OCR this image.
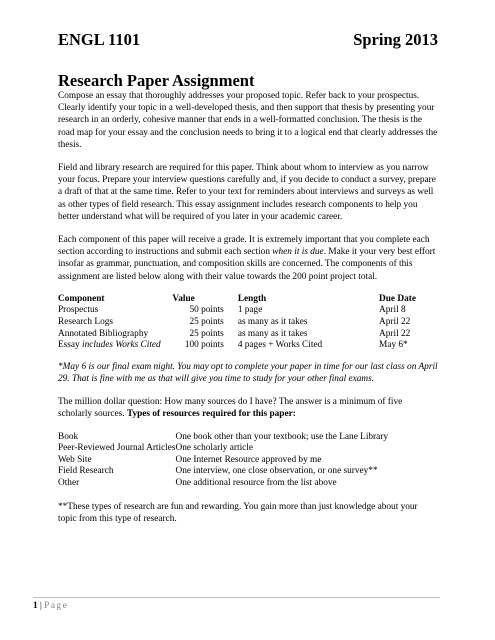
ENGL 1101	Spring 2013
Research Paper Assignment

Compose an essay that thoroughly addresses your proposed topic. Refer back to your prospectus. Clearly identify your topic in a well-developed thesis, and then support that thesis by presenting your research in an orderly, cohesive manner that ends in a well-formatted conclusion. The thesis is the road map for your essay and the conclusion needs to bring it to a logical end that clearly addresses the thesis.

Field and library research are required for this paper. Think about whom to interview as you narrow your focus. Prepare your interview questions carefully and, if you decide to conduct a survey, prepare a draft of that at the same time. Refer to your text for reminders about interviews and surveys as well as other types of field research. This essay assignment includes research components to help you better understand what will be required of you later in your academic career.

Each component of this paper will receive a grade. It is extremely important that you complete each section according to instructions and submit each section when it is due. Make it your very best effort insofar as grammar, punctuation, and composition skills are concerned. The components of this assignment are listed below along with their value towards the 200 point project total.

Component	Value	Length	Due Date
Prospectus	50 points	1 page	April 8
Research Logs	25 points	as many as it takes	April 22
Annotated Bibliography	25 points	as many as it takes	April 22
Essay includes Works Cited	100 points	4 pages + Works Cited	May 6*

*May 6 is our final exam night. You may opt to complete your paper in time for our last class on April 29. That is fine with me as that will give you time to study for your other final exams.

The million dollar question: How many sources do I have? The answer is a minimum of five scholarly sources. Types of resources required for this paper:

Book	One book other than your textbook; use the Lane Library
Peer-Reviewed Journal Articles	One scholarly article
Web Site	One Internet Resource approved by me
Field Research	One interview, one close observation, or one survey**
Other	One additional resource from the list above

**These types of research are fun and rewarding. You gain more than just knowledge about your topic from this type of research.

1 | Page
